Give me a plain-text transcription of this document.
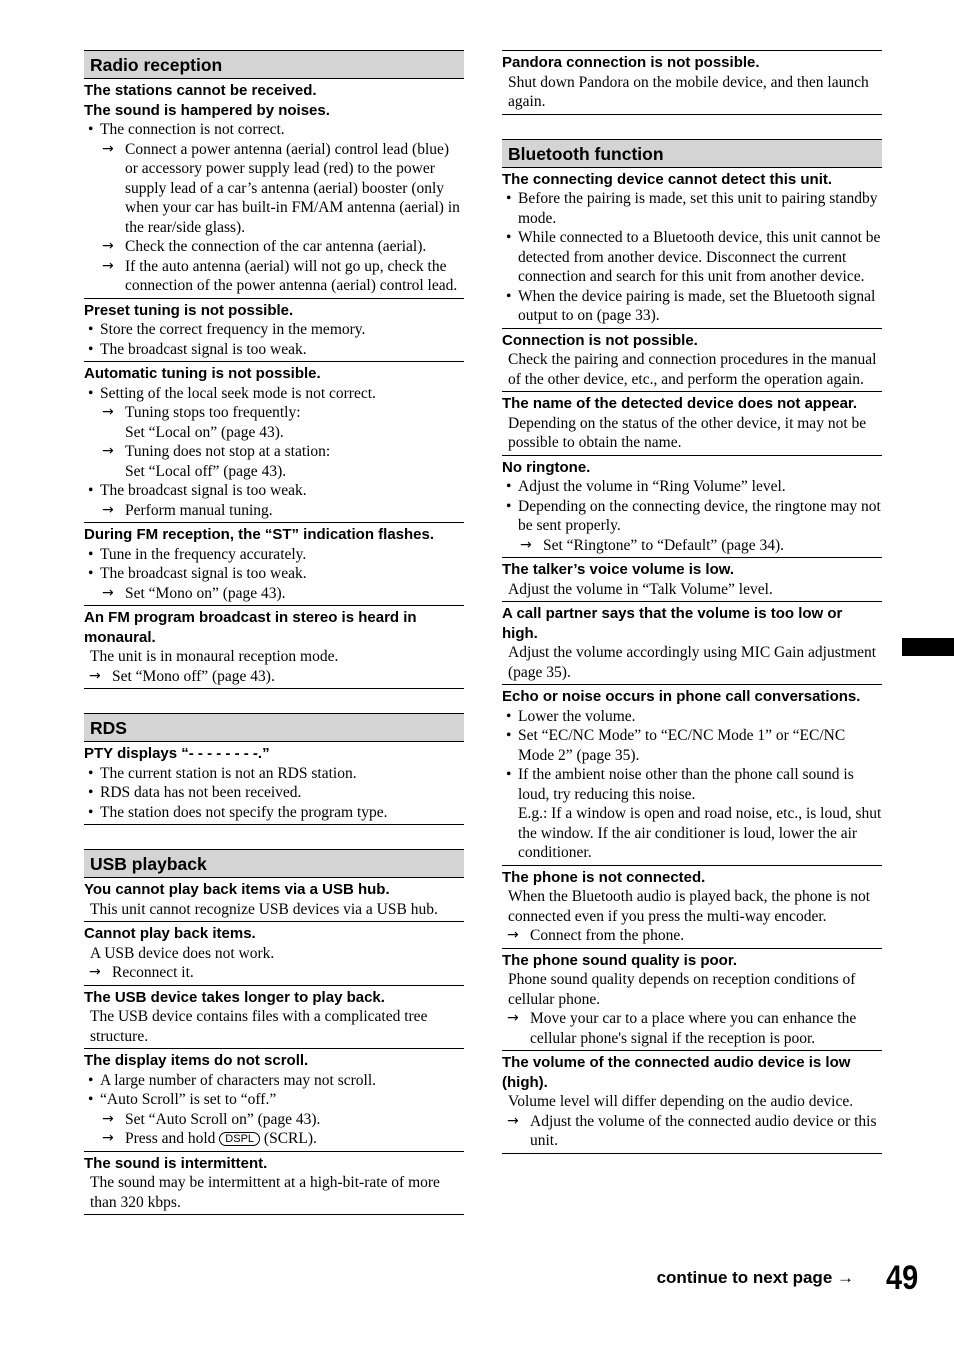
Radio reception
The stations cannot be received.
The sound is hampered by noises.
• The connection is not correct.
→ Connect a power antenna (aerial) control lead (blue) or accessory power supply lead (red) to the power supply lead of a car’s antenna (aerial) booster (only when your car has built-in FM/AM antenna (aerial) in the rear/side glass).
→ Check the connection of the car antenna (aerial).
→ If the auto antenna (aerial) will not go up, check the connection of the power antenna (aerial) control lead.
Preset tuning is not possible.
• Store the correct frequency in the memory.
• The broadcast signal is too weak.
Automatic tuning is not possible.
• Setting of the local seek mode is not correct.
→ Tuning stops too frequently:
Set “Local on” (page 43).
→ Tuning does not stop at a station:
Set “Local off” (page 43).
• The broadcast signal is too weak.
→ Perform manual tuning.
During FM reception, the “ST” indication flashes.
• Tune in the frequency accurately.
• The broadcast signal is too weak.
→ Set “Mono on” (page 43).
An FM program broadcast in stereo is heard in monaural.
The unit is in monaural reception mode.
→ Set “Mono off” (page 43).
RDS
PTY displays “- - - - - - - -.”
• The current station is not an RDS station.
• RDS data has not been received.
• The station does not specify the program type.
USB playback
You cannot play back items via a USB hub.
This unit cannot recognize USB devices via a USB hub.
Cannot play back items.
A USB device does not work.
→ Reconnect it.
The USB device takes longer to play back.
The USB device contains files with a complicated tree structure.
The display items do not scroll.
• A large number of characters may not scroll.
• “Auto Scroll” is set to “off.”
→ Set “Auto Scroll on” (page 43).
→ Press and hold DSPL (SCRL).
The sound is intermittent.
The sound may be intermittent at a high-bit-rate of more than 320 kbps.
Pandora connection is not possible.
Shut down Pandora on the mobile device, and then launch again.
Bluetooth function
The connecting device cannot detect this unit.
• Before the pairing is made, set this unit to pairing standby mode.
• While connected to a Bluetooth device, this unit cannot be detected from another device. Disconnect the current connection and search for this unit from another device.
• When the device pairing is made, set the Bluetooth signal output to on (page 33).
Connection is not possible.
Check the pairing and connection procedures in the manual of the other device, etc., and perform the operation again.
The name of the detected device does not appear.
Depending on the status of the other device, it may not be possible to obtain the name.
No ringtone.
• Adjust the volume in “Ring Volume” level.
• Depending on the connecting device, the ringtone may not be sent properly.
→ Set “Ringtone” to “Default” (page 34).
The talker’s voice volume is low.
Adjust the volume in “Talk Volume” level.
A call partner says that the volume is too low or high.
Adjust the volume accordingly using MIC Gain adjustment (page 35).
Echo or noise occurs in phone call conversations.
• Lower the volume.
• Set “EC/NC Mode” to “EC/NC Mode 1” or “EC/NC Mode 2” (page 35).
• If the ambient noise other than the phone call sound is loud, try reducing this noise.
E.g.: If a window is open and road noise, etc., is loud, shut the window. If the air conditioner is loud, lower the air conditioner.
The phone is not connected.
When the Bluetooth audio is played back, the phone is not connected even if you press the multi-way encoder.
→ Connect from the phone.
The phone sound quality is poor.
Phone sound quality depends on reception conditions of cellular phone.
→ Move your car to a place where you can enhance the cellular phone's signal if the reception is poor.
The volume of the connected audio device is low (high).
Volume level will differ depending on the audio device.
→ Adjust the volume of the connected audio device or this unit.
continue to next page → 49
